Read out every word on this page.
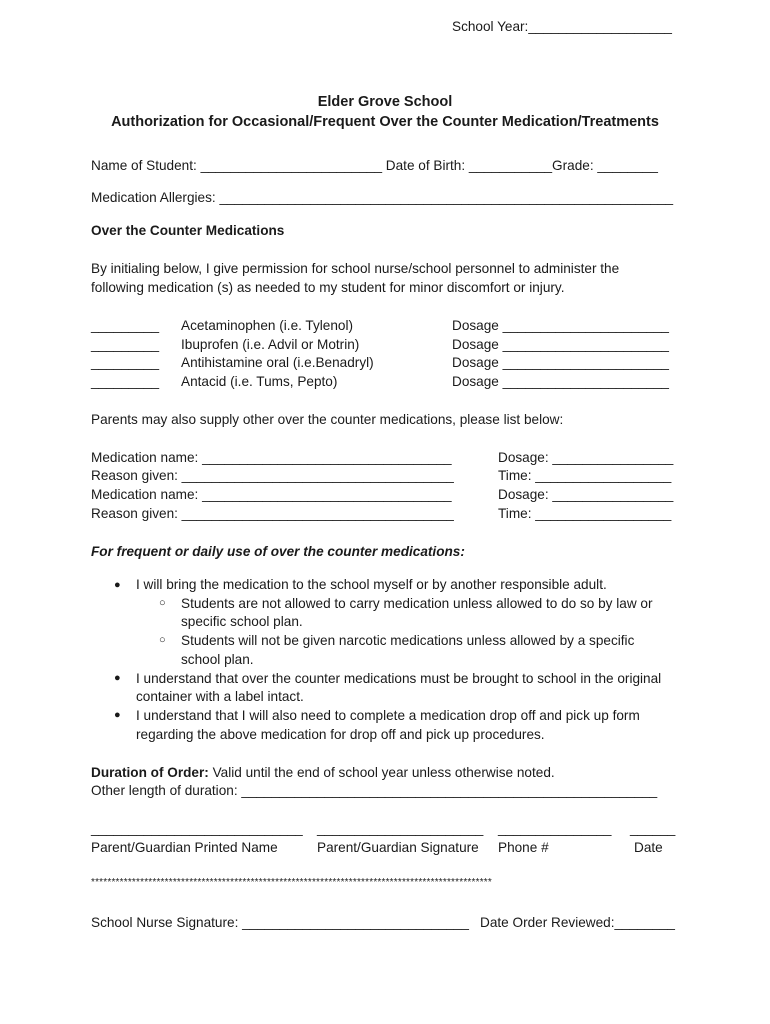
School Year:___________________
Elder Grove School
Authorization for Occasional/Frequent Over the Counter Medication/Treatments
Name of Student: ________________________ Date of Birth: ___________Grade: ________
Medication Allergies: ____________________________________________________________
Over the Counter Medications
By initialing below, I give permission for school nurse/school personnel to administer the
following medication (s) as needed to my student for minor discomfort or injury.
_________ Acetaminophen (i.e. Tylenol)	Dosage ______________________
_________ Ibuprofen (i.e. Advil or Motrin)	Dosage ______________________
_________ Antihistamine oral (i.e.Benadryl)	Dosage ______________________
_________ Antacid (i.e. Tums, Pepto)	Dosage ______________________
Parents may also supply other over the counter medications, please list below:
Medication name: _________________________________	Dosage: ________________
Reason given: ____________________________________	Time: __________________
Medication name: _________________________________	Dosage: ________________
Reason given: ____________________________________	Time: __________________
For frequent or daily use of over the counter medications:
● I will bring the medication to the school myself or by another responsible adult.
○ Students are not allowed to carry medication unless allowed to do so by law or
specific school plan.
○ Students will not be given narcotic medications unless allowed by a specific
school plan.
● I understand that over the counter medications must be brought to school in the original
container with a label intact.
● I understand that I will also need to complete a medication drop off and pick up form
regarding the above medication for drop off and pick up procedures.
Duration of Order: Valid until the end of school year unless otherwise noted.
Other length of duration: _______________________________________________________
____________________________ ______________________ _______________ ______
Parent/Guardian Printed Name	Parent/Guardian Signature Phone #	Date
**************************************************************************************************
School Nurse Signature: ______________________________ Date Order Reviewed:________
